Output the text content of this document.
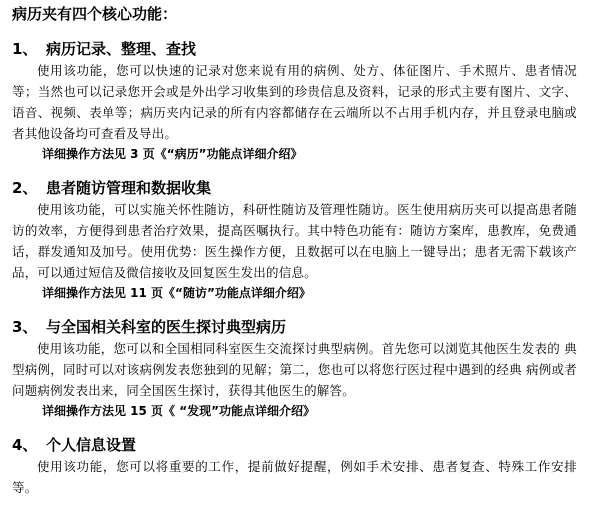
病历夹有四个核心功能：

1、 病历记录、整理、查找

使用该功能，您可以快速的记录对您来说有用的病例、处方、体征图片、手术照片、患者情况等；当然也可以记录您开会或是外出学习收集到的珍贵信息及资料，记录的形式主要有图片、文字、语音、视频、表单等；病历夹内记录的所有内容都储存在云端所以不占用手机内存，并且登录电脑或者其他设备均可查看及导出。

详细操作方法见 3 页《“病历”功能点详细介绍》

2、 患者随访管理和数据收集

使用该功能，可以实施关怀性随访，科研性随访及管理性随访。医生使用病历夹可以提高患者随访的效率，方便得到患者治疗效果，提高医嘱执行。其中特色功能有：随访方案库，患教库，免费通话，群发通知及加号。使用优势：医生操作方便，且数据可以在电脑上一键导出；患者无需下载该产品，可以通过短信及微信接收及回复医生发出的信息。

详细操作方法见 11 页《“随访”功能点详细介绍》

3、 与全国相关科室的医生探讨典型病历

使用该功能，您可以和全国相同科室医生交流探讨典型病例。首先您可以浏览其他医生发表的 典型病例，同时可以对该病例发表您独到的见解；第二，您也可以将您行医过程中遇到的经典 病例或者问题病例发表出来，同全国医生探讨，获得其他医生的解答。

详细操作方法见 15 页《 “发现”功能点详细介绍》

4、 个人信息设置

使用该功能，您可以将重要的工作，提前做好提醒，例如手术安排、患者复查、特殊工作安排等。
